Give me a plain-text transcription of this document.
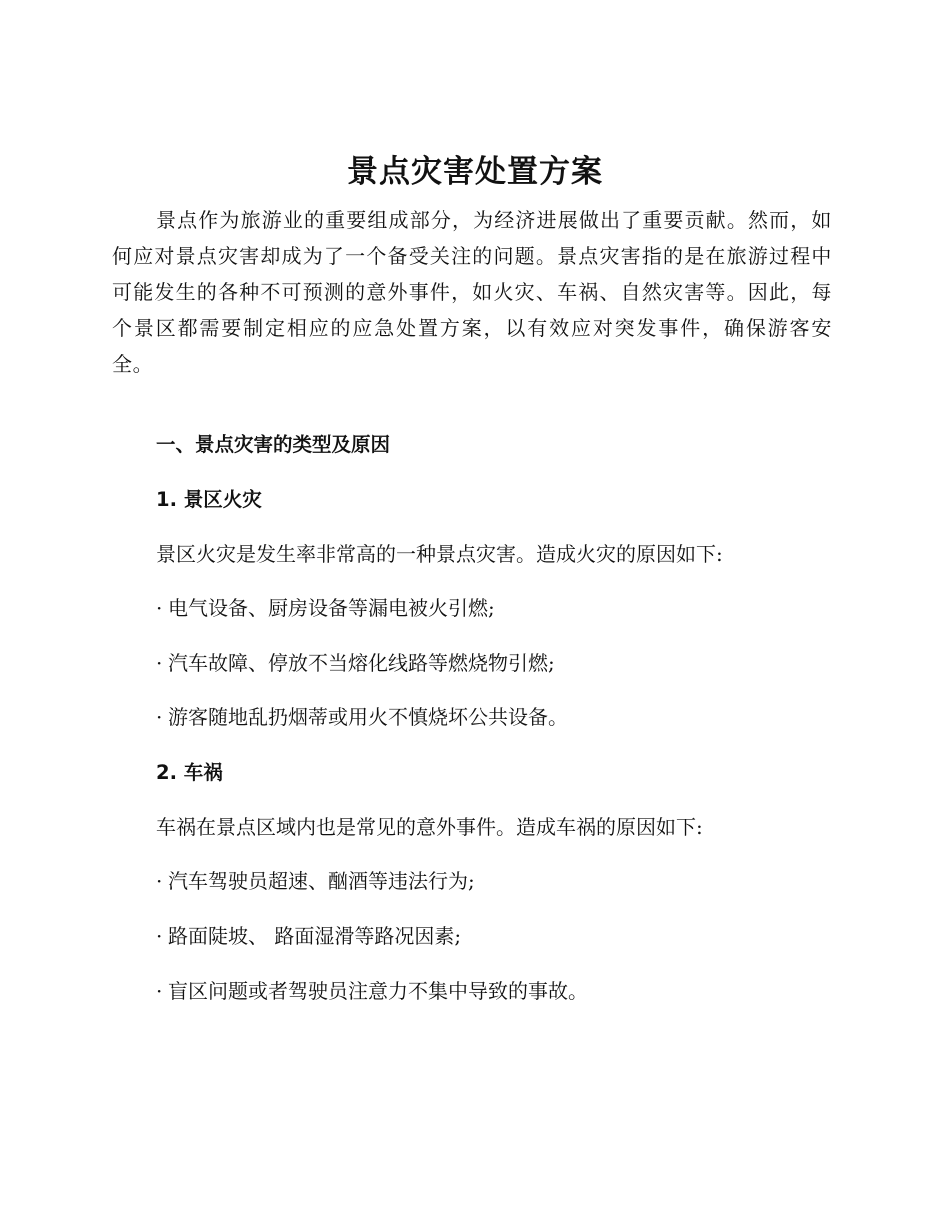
景点灾害处置方案
景点作为旅游业的重要组成部分，为经济进展做出了重要贡献。然而，如何应对景点灾害却成为了一个备受关注的问题。景点灾害指的是在旅游过程中可能发生的各种不可预测的意外事件，如火灾、车祸、自然灾害等。因此，每个景区都需要制定相应的应急处置方案，以有效应对突发事件，确保游客安全。
一、景点灾害的类型及原因
1. 景区火灾
景区火灾是发生率非常高的一种景点灾害。造成火灾的原因如下:
· 电气设备、厨房设备等漏电被火引燃;
· 汽车故障、停放不当熔化线路等燃烧物引燃;
· 游客随地乱扔烟蒂或用火不慎烧坏公共设备。
2. 车祸
车祸在景点区域内也是常见的意外事件。造成车祸的原因如下:
· 汽车驾驶员超速、酗酒等违法行为;
· 路面陡坡、 路面湿滑等路况因素;
· 盲区问题或者驾驶员注意力不集中导致的事故。
